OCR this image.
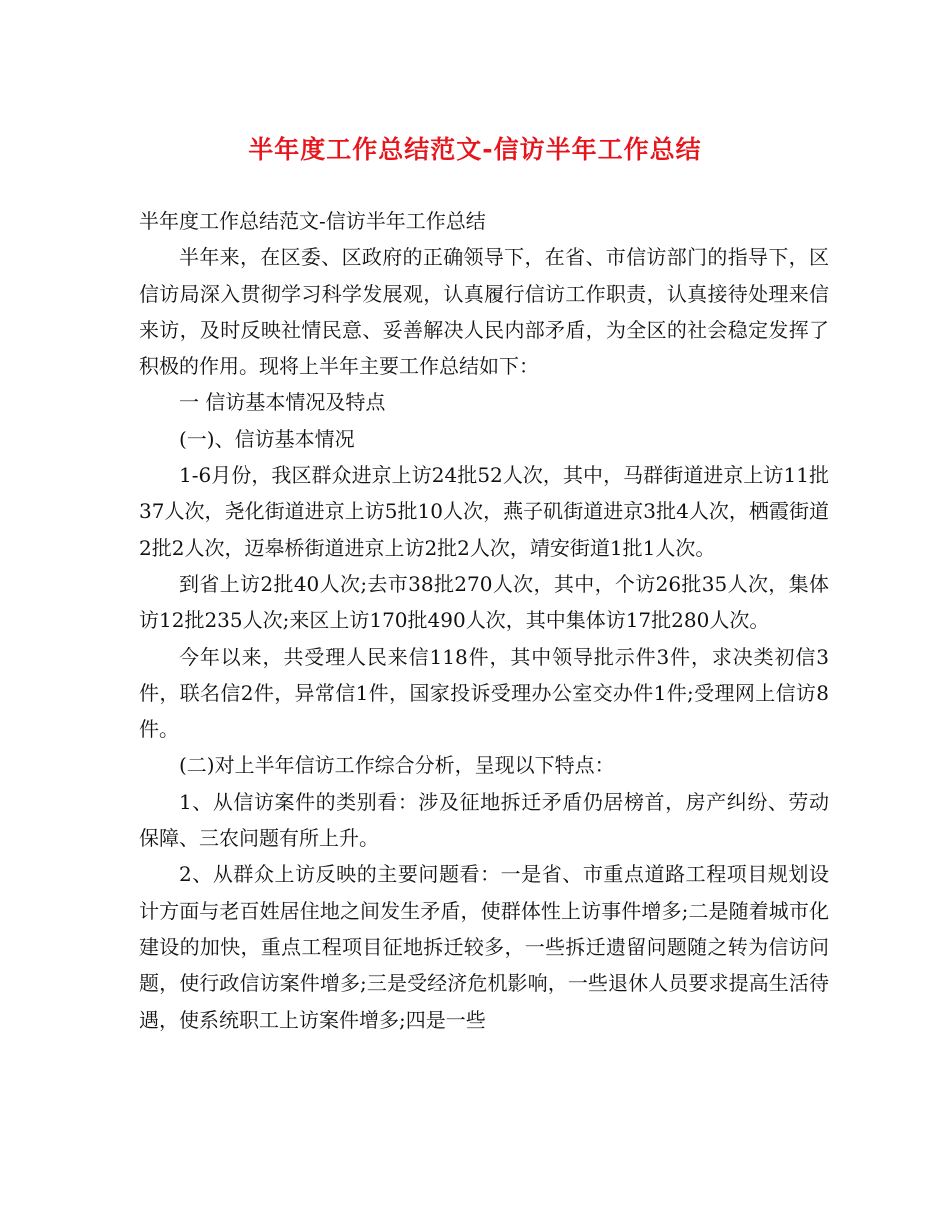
半年度工作总结范文-信访半年工作总结

半年度工作总结范文-信访半年工作总结

半年来，在区委、区政府的正确领导下，在省、市信访部门的指导下，区信访局深入贯彻学习科学发展观，认真履行信访工作职责，认真接待处理来信来访，及时反映社情民意、妥善解决人民内部矛盾，为全区的社会稳定发挥了积极的作用。现将上半年主要工作总结如下：

一 信访基本情况及特点

(一)、信访基本情况

1-6月份，我区群众进京上访24批52人次，其中，马群街道进京上访11批37人次，尧化街道进京上访5批10人次，燕子矶街道进京3批4人次，栖霞街道2批2人次，迈皋桥街道进京上访2批2人次，靖安街道1批1人次。

到省上访2批40人次;去市38批270人次，其中，个访26批35人次，集体访12批235人次;来区上访170批490人次，其中集体访17批280人次。

今年以来，共受理人民来信118件，其中领导批示件3件，求决类初信3件，联名信2件，异常信1件，国家投诉受理办公室交办件1件;受理网上信访8件。

(二)对上半年信访工作综合分析，呈现以下特点：

1、从信访案件的类别看：涉及征地拆迁矛盾仍居榜首，房产纠纷、劳动保障、三农问题有所上升。

2、从群众上访反映的主要问题看：一是省、市重点道路工程项目规划设计方面与老百姓居住地之间发生矛盾，使群体性上访事件增多;二是随着城市化建设的加快，重点工程项目征地拆迁较多，一些拆迁遗留问题随之转为信访问题，使行政信访案件增多;三是受经济危机影响，一些退休人员要求提高生活待遇，使系统职工上访案件增多;四是一些
